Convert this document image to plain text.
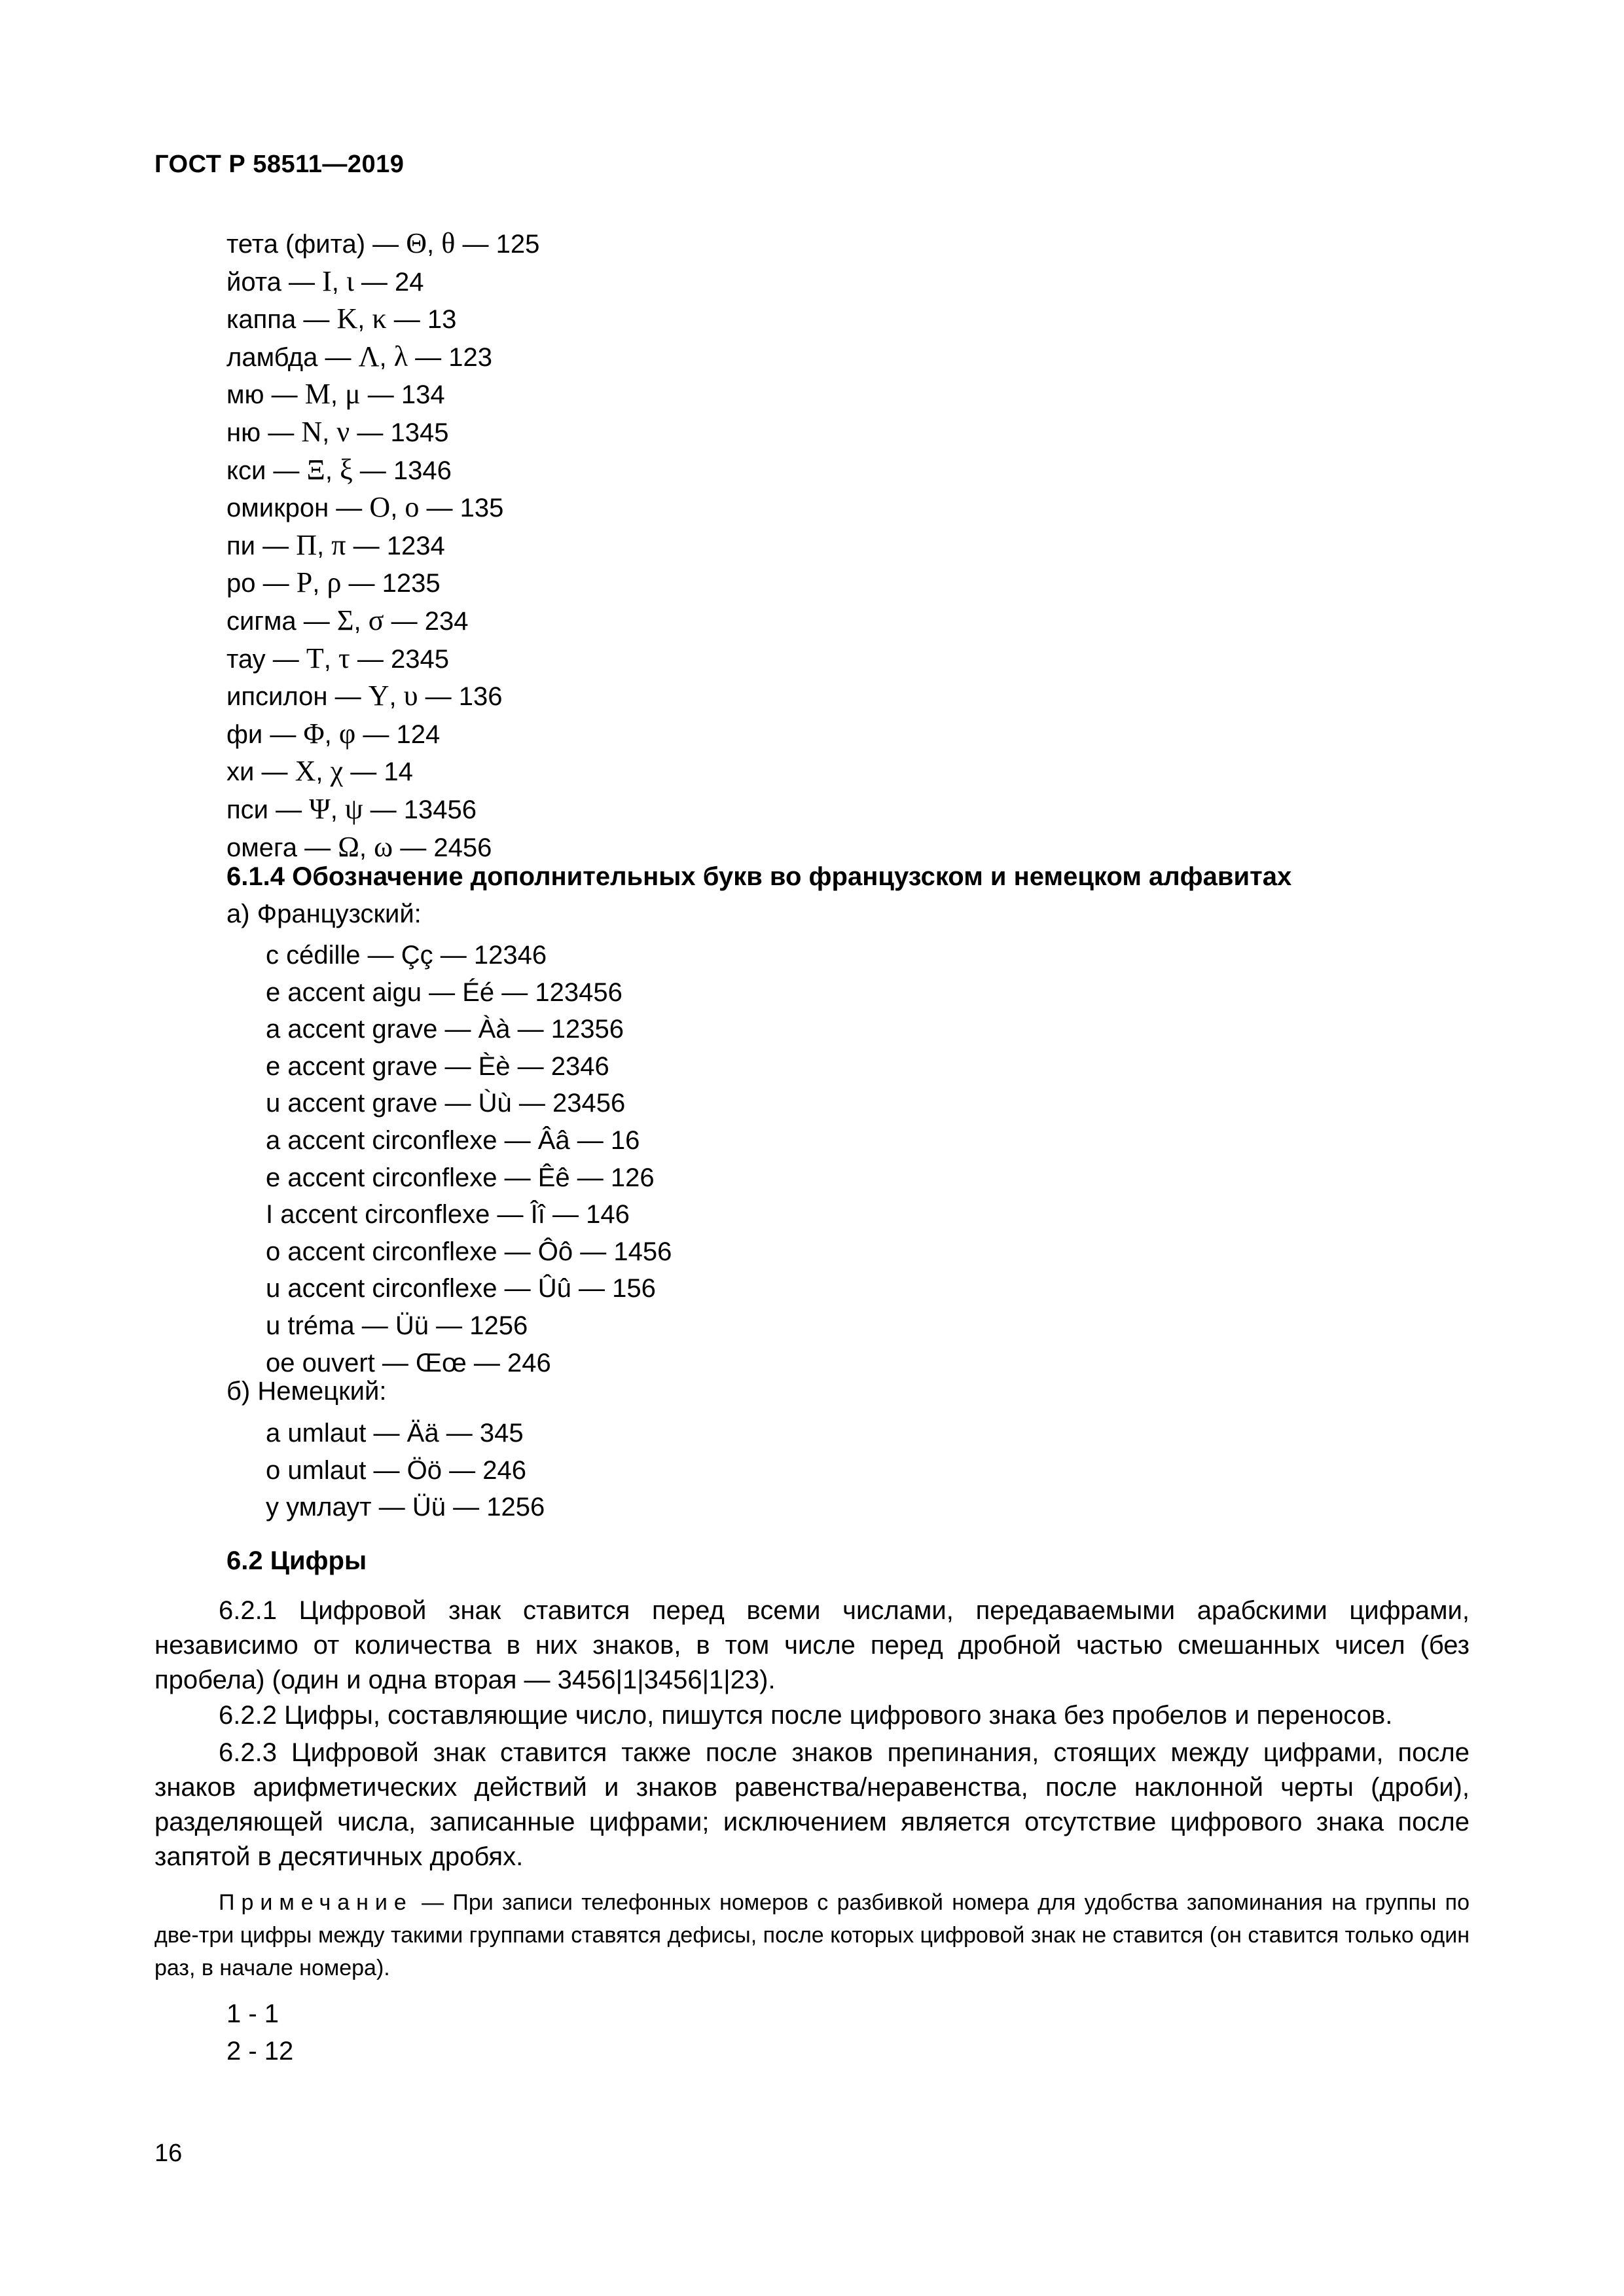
ГОСТ Р 58511—2019
тета (фита) — Θ, θ — 125
йота — I, ι — 24
каппа — K, κ — 13
ламбда — Λ, λ — 123
мю — M, μ — 134
ню — N, ν — 1345
кси — Ξ, ξ — 1346
омикрон — O, ο — 135
пи — Π, π — 1234
ро — P, ρ — 1235
сигма — Σ, σ — 234
тау — T, τ — 2345
ипсилон — Y, υ — 136
фи — Φ, φ — 124
хи — X, χ — 14
пси — Ψ, ψ — 13456
омега — Ω, ω — 2456
6.1.4 Обозначение дополнительных букв во французском и немецком алфавитах
а) Французский:
c cédille — Çç — 12346
e accent aigu — Éé — 123456
a accent grave — Àà — 12356
e accent grave — Èè — 2346
u accent grave — Ùù — 23456
a accent circonflexe — Ââ — 16
e accent circonflexe — Êê — 126
I accent circonflexe — Îî — 146
o accent circonflexe — Ôô — 1456
u accent circonflexe — Ûû — 156
u tréma — Üü — 1256
oe ouvert — Œœ — 246
б) Немецкий:
a umlaut — Ää — 345
o umlaut — Öö — 246
у умлаут — Üü — 1256
6.2 Цифры

6.2.1 Цифровой знак ставится перед всеми числами, передаваемыми арабскими цифрами, независимо от количества в них знаков, в том числе перед дробной частью смешанных чисел (без пробела) (один и одна вторая — 3456|1|3456|1|23).

6.2.2 Цифры, составляющие число, пишутся после цифрового знака без пробелов и переносов.

6.2.3 Цифровой знак ставится также после знаков препинания, стоящих между цифрами, после знаков арифметических действий и знаков равенства/неравенства, после наклонной черты (дроби), разделяющей числа, записанные цифрами; исключением является отсутствие цифрового знака после запятой в десятичных дробях.

Примечание — При записи телефонных номеров с разбивкой номера для удобства запоминания на группы по две-три цифры между такими группами ставятся дефисы, после которых цифровой знак не ставится (он ставится только один раз, в начале номера).

1 - 1
2 - 12
16
